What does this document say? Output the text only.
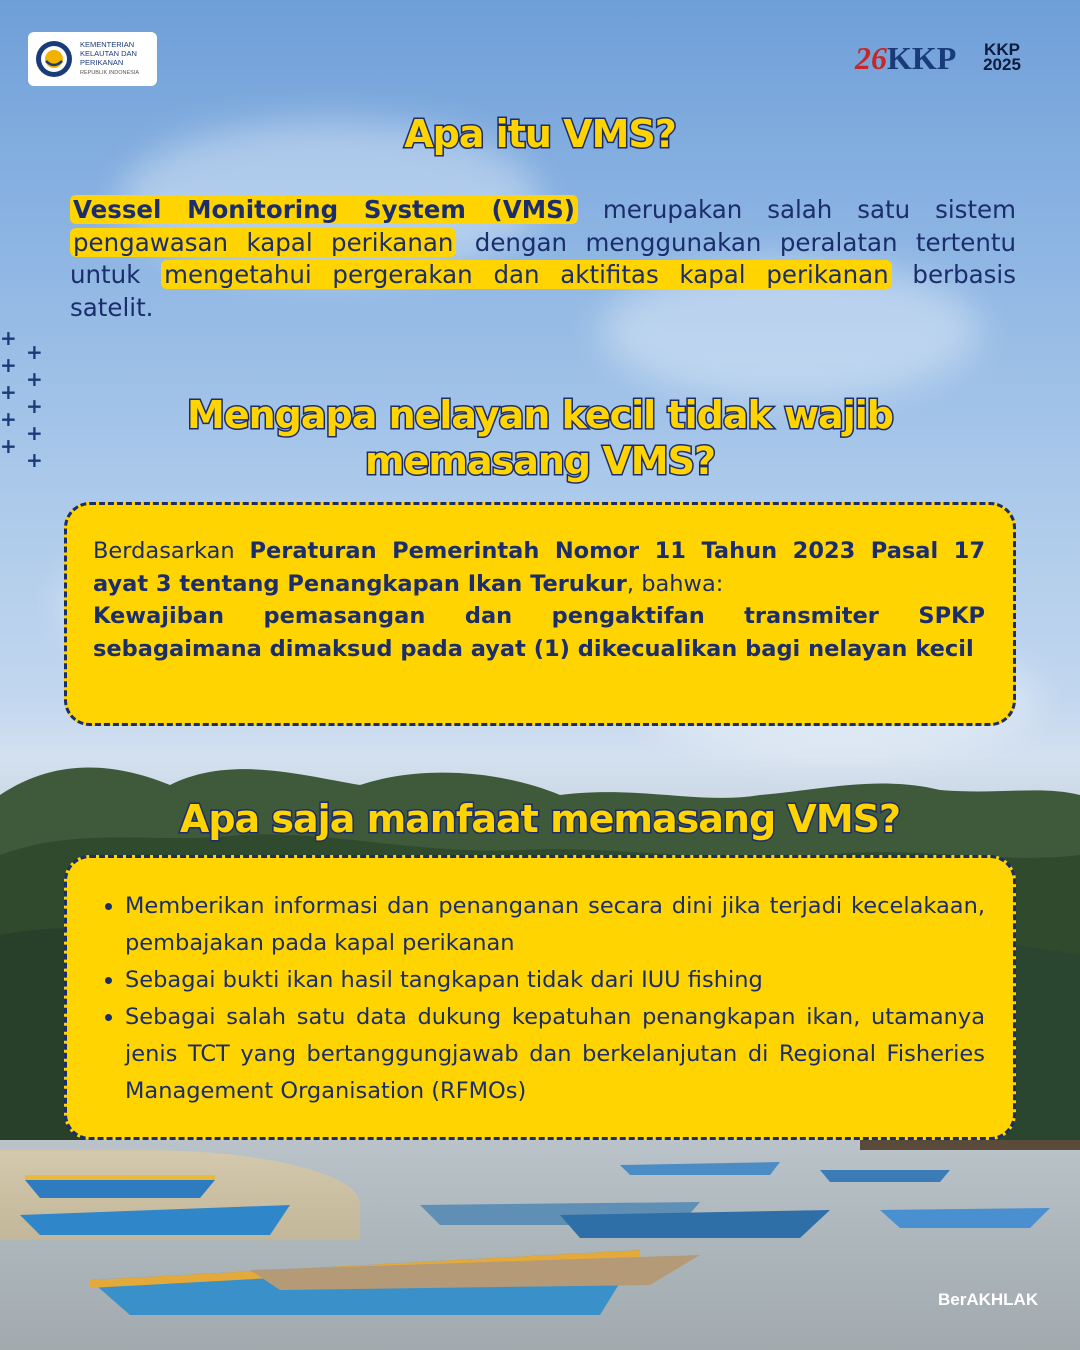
KEMENTERIAN
KELAUTAN DAN
PERIKANAN
REPUBLIK INDONESIA	26KKP	KKP
2025
+
+
+
+
+
+
+
+
+
+
Apa itu VMS?
Vessel Monitoring System (VMS) merupakan salah satu sistem pengawasan kapal perikanan dengan menggunakan peralatan tertentu untuk mengetahui pergerakan dan aktifitas kapal perikanan berbasis satelit.
Mengapa nelayan kecil tidak wajib
memasang VMS?
Berdasarkan Peraturan Pemerintah Nomor 11 Tahun 2023 Pasal 17 ayat 3 tentang Penangkapan Ikan Terukur, bahwa:
Kewajiban pemasangan dan pengaktifan transmiter SPKP sebagaimana dimaksud pada ayat (1) dikecualikan bagi nelayan kecil
Apa saja manfaat memasang VMS?
• Memberikan informasi dan penanganan secara dini jika terjadi kecelakaan, pembajakan pada kapal perikanan
• Sebagai bukti ikan hasil tangkapan tidak dari IUU fishing
• Sebagai salah satu data dukung kepatuhan penangkapan ikan, utamanya jenis TCT yang bertanggungjawab dan berkelanjutan di Regional Fisheries Management Organisation (RFMOs)
BerAKHLAK
